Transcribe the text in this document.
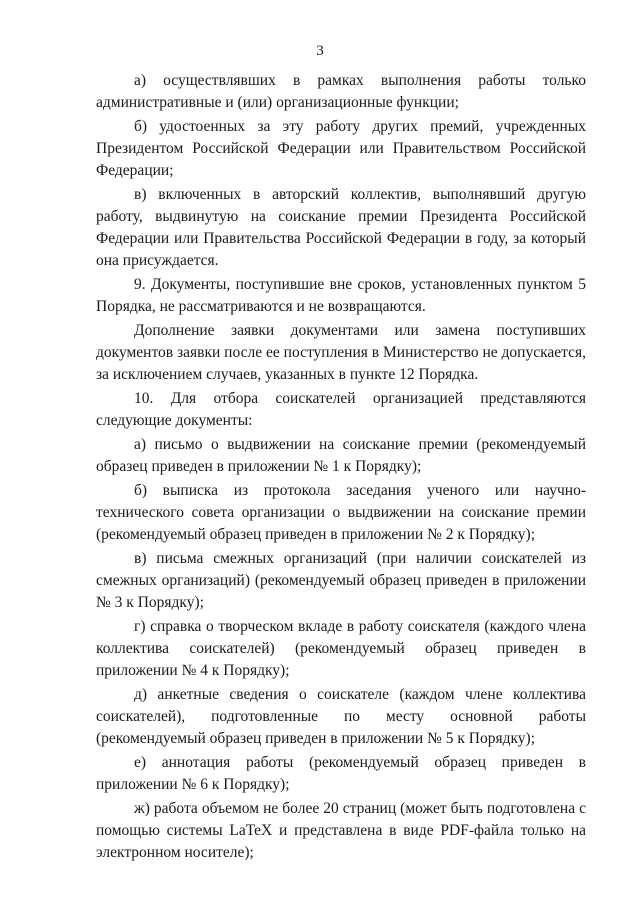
3

а) осуществлявших в рамках выполнения работы только административные и (или) организационные функции;

б) удостоенных за эту работу других премий, учрежденных Президентом Российской Федерации или Правительством Российской Федерации;

в) включенных в авторский коллектив, выполнявший другую работу, выдвинутую на соискание премии Президента Российской Федерации или Правительства Российской Федерации в году, за который она присуждается.

9. Документы, поступившие вне сроков, установленных пунктом 5 Порядка, не рассматриваются и не возвращаются.

Дополнение заявки документами или замена поступивших документов заявки после ее поступления в Министерство не допускается, за исключением случаев, указанных в пункте 12 Порядка.

10. Для отбора соискателей организацией представляются следующие документы:

а) письмо о выдвижении на соискание премии (рекомендуемый образец приведен в приложении № 1 к Порядку);

б) выписка из протокола заседания ученого или научно-технического совета организации о выдвижении на соискание премии (рекомендуемый образец приведен в приложении № 2 к Порядку);

в) письма смежных организаций (при наличии соискателей из смежных организаций) (рекомендуемый образец приведен в приложении № 3 к Порядку);

г) справка о творческом вкладе в работу соискателя (каждого члена коллектива соискателей) (рекомендуемый образец приведен в приложении № 4 к Порядку);

д) анкетные сведения о соискателе (каждом члене коллектива соискателей), подготовленные по месту основной работы (рекомендуемый образец приведен в приложении № 5 к Порядку);

е) аннотация работы (рекомендуемый образец приведен в приложении № 6 к Порядку);

ж) работа объемом не более 20 страниц (может быть подготовлена с помощью системы LaTeX и представлена в виде PDF-файла только на электронном носителе);
